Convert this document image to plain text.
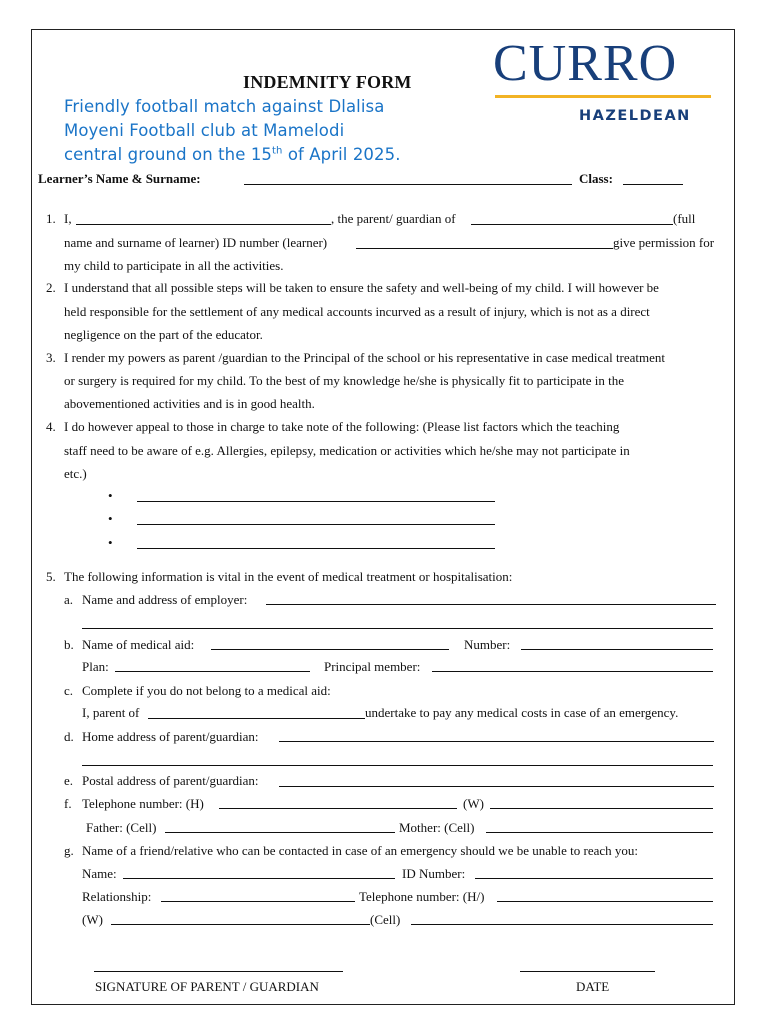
CURRO
HAZELDEAN
INDEMNITY FORM
Friendly football match against Dlalisa
Moyeni Football club at Mamelodi
central ground on the 15th of April 2025.
Learner’s Name & Surname:	Class:
1. I,	, the parent/ guardian of	(full
name and surname of learner) ID number (learner)	give permission for
my child to participate in all the activities.
2. I understand that all possible steps will be taken to ensure the safety and well-being of my child. I will however be
held responsible for the settlement of any medical accounts incurved as a result of injury, which is not as a direct
negligence on the part of the educator.
3. I render my powers as parent /guardian to the Principal of the school or his representative in case medical treatment
or surgery is required for my child. To the best of my knowledge he/she is physically fit to participate in the
abovementioned activities and is in good health.
4. I do however appeal to those in charge to take note of the following: (Please list factors which the teaching
staff need to be aware of e.g. Allergies, epilepsy, medication or activities which he/she may not participate in
etc.)
•
•
•
5. The following information is vital in the event of medical treatment or hospitalisation:
a. Name and address of employer:
b. Name of medical aid:	Number:
Plan:	Principal member:
c. Complete if you do not belong to a medical aid:
I, parent of	undertake to pay any medical costs in case of an emergency.
d. Home address of parent/guardian:
e. Postal address of parent/guardian:
f. Telephone number: (H)	(W)
Father: (Cell)	Mother: (Cell)
g. Name of a friend/relative who can be contacted in case of an emergency should we be unable to reach you:
Name:	ID Number:
Relationship:	Telephone number: (H/)
(W)	(Cell)
SIGNATURE OF PARENT / GUARDIAN	DATE
